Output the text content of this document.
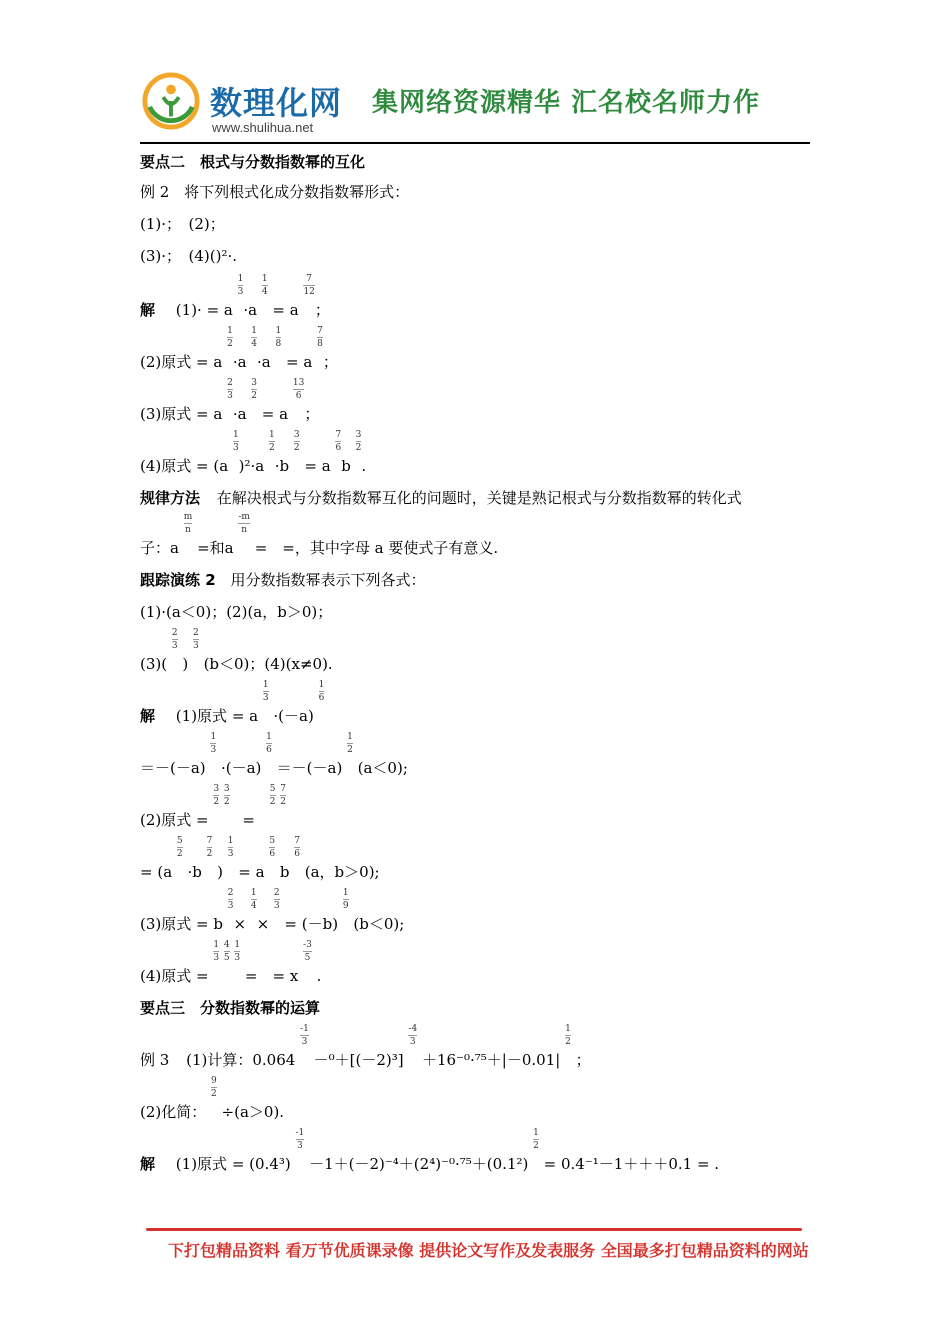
数理化网
www.shulihua.net
集网络资源精华 汇名校名师力作
要点二　根式与分数指数幂的互化
例 2 将下列根式化成分数指数幂形式：
(1)·；　(2)；
(3)·；　(4)()²·.
解 (1)· = a
$\frac{1}{3}$
·a
$\frac{1}{4}$
= a
$\frac{7}{12}$
；
(2)原式 = a
$\frac{1}{2}$
·a
$\frac{1}{4}$
·a
$\frac{1}{8}$
= a
$\frac{7}{8}$
；
(3)原式 = a
$\frac{2}{3}$
·a
$\frac{3}{2}$
= a
$\frac{13}{6}$
；
(4)原式 = (a
$\frac{1}{3}$
)²·a
$\frac{1}{2}$
·b
$\frac{3}{2}$
= a
$\frac{7}{6}$
b
$\frac{3}{2}$
.
规律方法 在解决根式与分数指数幂互化的问题时，关键是熟记根式与分数指数幂的转化式
子：a
$\frac{m}{n}$
=和a
$\frac{-m}{n}$
=　=，其中字母 a 要使式子有意义.
跟踪演练 2 用分数指数幂表示下列各式：
(1)·(a＜0)；(2)(a，b＞0)；
(3)(
$\frac{2}{3}$
)
$\frac{2}{3}$
(b＜0)；(4)(x≠0).
解 (1)原式 = a
$\frac{1}{3}$
·(－a)
$\frac{1}{6}$
＝－(－a)
$\frac{1}{3}$
·(－a)
$\frac{1}{6}$
＝－(－a)
$\frac{1}{2}$
(a＜0);
(2)原式 =
$\frac{3}{2}$
$\frac{3}{2}$
=
$\frac{5}{2}$
$\frac{7}{2}$
= (a
$\frac{5}{2}$
·b
$\frac{7}{2}$
)
$\frac{1}{3}$
= a
$\frac{5}{6}$
b
$\frac{7}{6}$
(a，b＞0);
(3)原式 = b
$\frac{2}{3}$
×
$\frac{1}{4}$
×
$\frac{2}{3}$
= (－b)
$\frac{1}{9}$
(b＜0);
(4)原式 =
$\frac{1}{3}$
$\frac{4}{5}$
$\frac{1}{3}$
=　= x
$\frac{-3}{5}$
.
要点三　分数指数幂的运算
例 3 (1)计算：0.064
$\frac{-1}{3}$
－⁰＋[(－2)³]
$\frac{-4}{3}$
＋16⁻⁰·⁷⁵＋|－0.01|
$\frac{1}{2}$
；
(2)化简：
$\frac{9}{2}$
÷(a＞0).
解 (1)原式 = (0.4³)
$\frac{-1}{3}$
－1＋(－2)⁻⁴＋(2⁴)⁻⁰·⁷⁵＋(0.1²)
$\frac{1}{2}$
= 0.4⁻¹－1＋＋＋0.1 = .
下打包精品资料 看万节优质课录像 提供论文写作及发表服务 全国最多打包精品资料的网站
